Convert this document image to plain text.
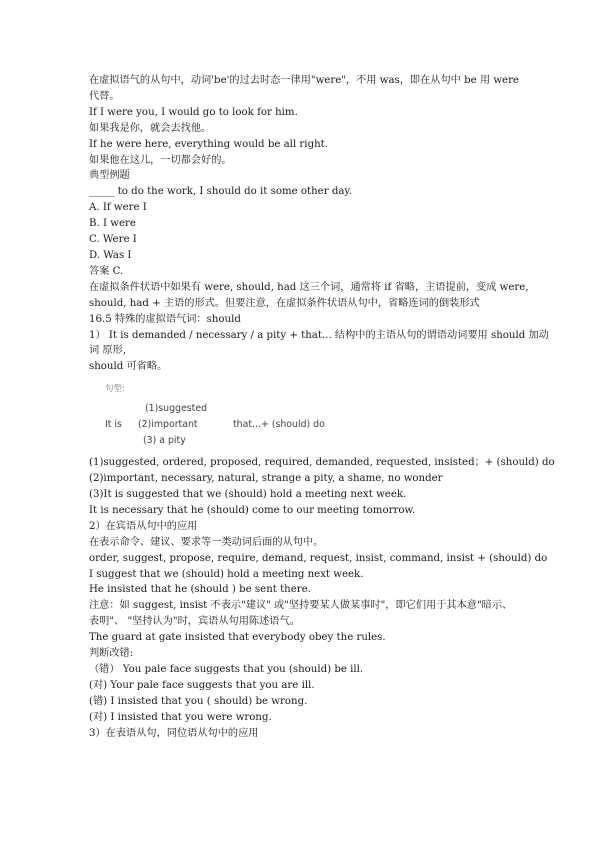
在虚拟语气的从句中，动词'be'的过去时态一律用"were"，不用 was，即在从句中 be 用 were
代替。
If I were you, I would go to look for him.
如果我是你，就会去找他。
If he were here, everything would be all right.
如果他在这儿，一切都会好的。
典型例题
_____ to do the work, I should do it some other day.
A. If were I
B. I were
C. Were I
D. Was I
答案 C.
在虚拟条件状语中如果有 were, should, had 这三个词，通常将 if 省略，主语提前，变成 were,
should, had + 主语的形式。但要注意，在虚拟条件状语从句中，省略连词的倒装形式
16.5 特殊的虚拟语气词：should
1） It is demanded / necessary / a pity + that... 结构中的主语从句的谓语动词要用 should 加动
词 原形,
should 可省略。
句型:
(1)suggested
It is (2)important	that...+ (should) do
(3) a pity
(1)suggested, ordered, proposed, required, demanded, requested, insisted；+ (should) do
(2)important, necessary, natural, strange a pity, a shame, no wonder
(3)It is suggested that we (should) hold a meeting next week.
It is necessary that he (should) come to our meeting tomorrow.
2）在宾语从句中的应用
在表示命令、建议、要求等一类动词后面的从句中。
order, suggest, propose, require, demand, request, insist, command, insist + (should) do
I suggest that we (should) hold a meeting next week.
He insisted that he (should ) be sent there.
注意：如 suggest, insist 不表示"建议" 或"坚持要某人做某事时"，即它们用于其本意"暗示、
表明"、 "坚持认为"时，宾语从句用陈述语气。
The guard at gate insisted that everybody obey the rules.
判断改错:
（错） You pale face suggests that you (should) be ill.
(对) Your pale face suggests that you are ill.
(错) I insisted that you ( should) be wrong.
(对) I insisted that you were wrong.
3）在表语从句，同位语从句中的应用
